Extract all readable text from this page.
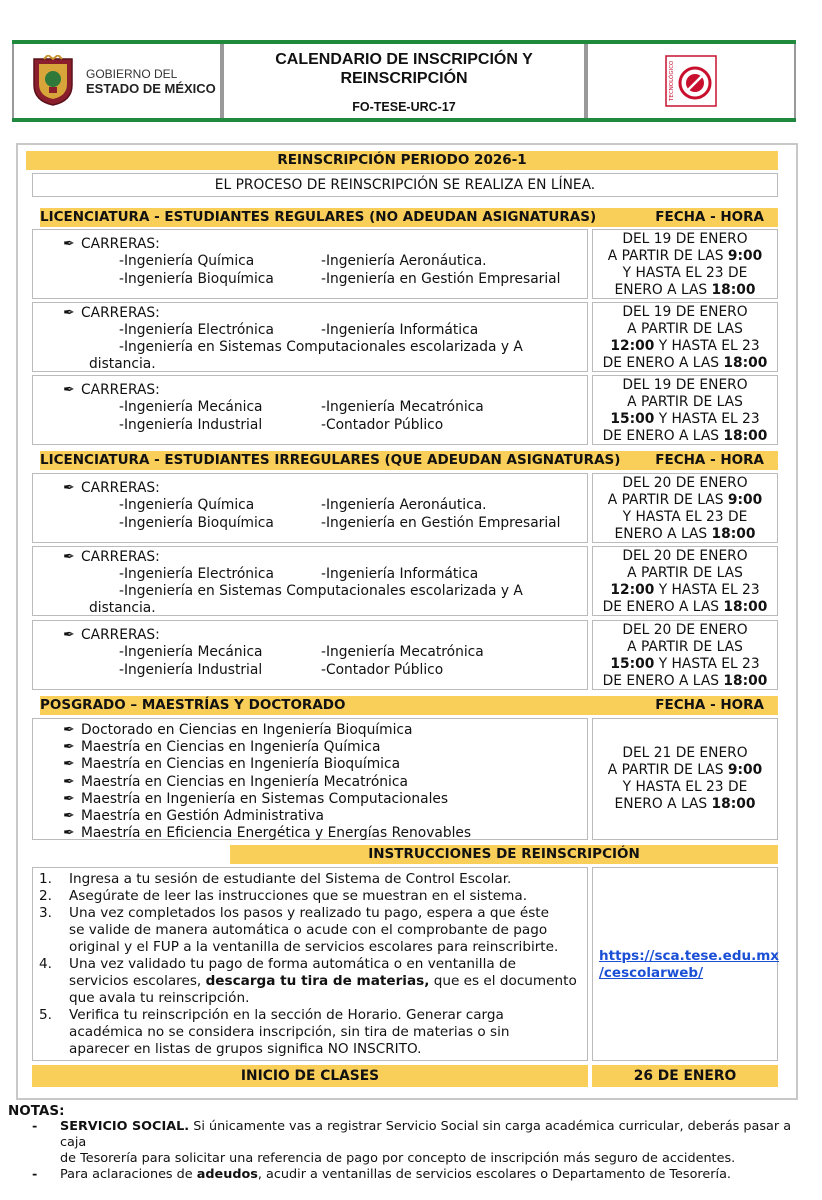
GOBIERNO DEL
ESTADO DE MÉXICO
CALENDARIO DE INSCRIPCIÓN Y
REINSCRIPCIÓN
FO-TESE-URC-17
TECNOLÓGICO
REINSCRIPCIÓN PERIODO 2026-1
EL PROCESO DE REINSCRIPCIÓN SE REALIZA EN LÍNEA.
LICENCIATURA - ESTUDIANTES REGULARES (NO ADEUDAN ASIGNATURAS)	FECHA - HORA
✒ CARRERAS:
-Ingeniería Química	-Ingeniería Aeronáutica.
-Ingeniería Bioquímica	-Ingeniería en Gestión Empresarial
DEL 19 DE ENERO
A PARTIR DE LAS 9:00
Y HASTA EL 23 DE
ENERO A LAS 18:00
✒ CARRERAS:
-Ingeniería Electrónica	-Ingeniería Informática
-Ingeniería en Sistemas Computacionales escolarizada y A
distancia.
DEL 19 DE ENERO
A PARTIR DE LAS
12:00 Y HASTA EL 23
DE ENERO A LAS 18:00
✒ CARRERAS:
-Ingeniería Mecánica	-Ingeniería Mecatrónica
-Ingeniería Industrial	-Contador Público
DEL 19 DE ENERO
A PARTIR DE LAS
15:00 Y HASTA EL 23
DE ENERO A LAS 18:00
LICENCIATURA - ESTUDIANTES IRREGULARES (QUE ADEUDAN ASIGNATURAS)	FECHA - HORA
✒ CARRERAS:
-Ingeniería Química	-Ingeniería Aeronáutica.
-Ingeniería Bioquímica	-Ingeniería en Gestión Empresarial
DEL 20 DE ENERO
A PARTIR DE LAS 9:00
Y HASTA EL 23 DE
ENERO A LAS 18:00
✒ CARRERAS:
-Ingeniería Electrónica	-Ingeniería Informática
-Ingeniería en Sistemas Computacionales escolarizada y A
distancia.
DEL 20 DE ENERO
A PARTIR DE LAS
12:00 Y HASTA EL 23
DE ENERO A LAS 18:00
✒ CARRERAS:
-Ingeniería Mecánica	-Ingeniería Mecatrónica
-Ingeniería Industrial	-Contador Público
DEL 20 DE ENERO
A PARTIR DE LAS
15:00 Y HASTA EL 23
DE ENERO A LAS 18:00
POSGRADO – MAESTRÍAS Y DOCTORADO	FECHA - HORA
✒ Doctorado en Ciencias en Ingeniería Bioquímica
✒ Maestría en Ciencias en Ingeniería Química
✒ Maestría en Ciencias en Ingeniería Bioquímica
✒ Maestría en Ciencias en Ingeniería Mecatrónica
✒ Maestría en Ingeniería en Sistemas Computacionales
✒ Maestría en Gestión Administrativa
✒ Maestría en Eficiencia Energética y Energías Renovables
DEL 21 DE ENERO
A PARTIR DE LAS 9:00
Y HASTA EL 23 DE
ENERO A LAS 18:00
INSTRUCCIONES DE REINSCRIPCIÓN
1.	Ingresa a tu sesión de estudiante del Sistema de Control Escolar.
2.	Asegúrate de leer las instrucciones que se muestran en el sistema.
3.	Una vez completados los pasos y realizado tu pago, espera a que éste
se valide de manera automática o acude con el comprobante de pago
original y el FUP a la ventanilla de servicios escolares para reinscribirte.
4.	Una vez validado tu pago de forma automática o en ventanilla de
servicios escolares, descarga tu tira de materias, que es el documento
que avala tu reinscripción.
5.	Verifica tu reinscripción en la sección de Horario. Generar carga
académica no se considera inscripción, sin tira de materias o sin
aparecer en listas de grupos significa NO INSCRITO.
https://sca.tese.edu.mx
/cescolarweb/
INICIO DE CLASES	26 DE ENERO
NOTAS:
- SERVICIO SOCIAL. Si únicamente vas a registrar Servicio Social sin carga académica curricular, deberás pasar a caja
de Tesorería para solicitar una referencia de pago por concepto de inscripción más seguro de accidentes.
- Para aclaraciones de adeudos, acudir a ventanillas de servicios escolares o Departamento de Tesorería.
